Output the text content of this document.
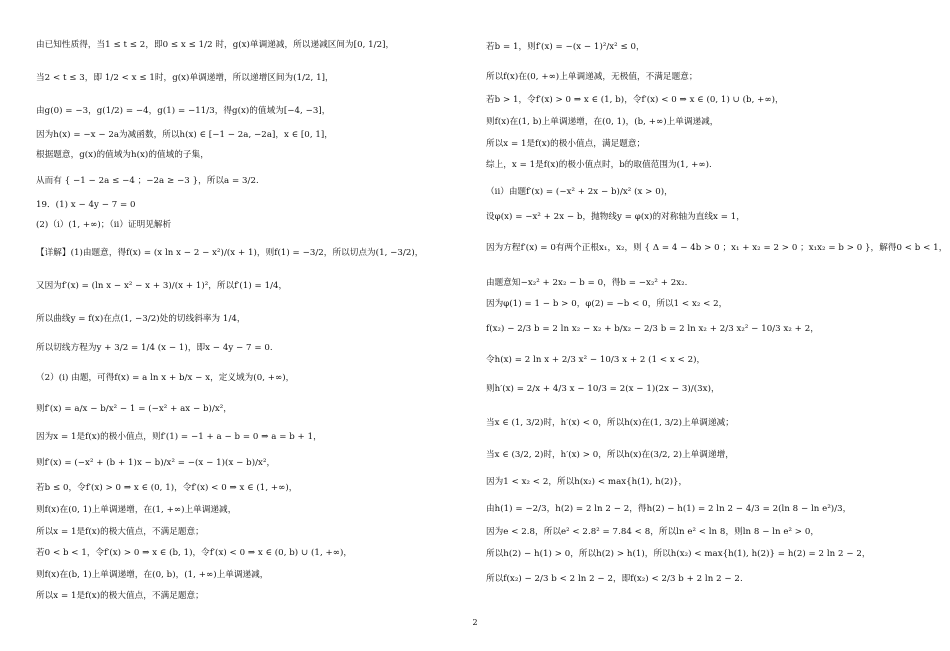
由已知性质得，当1 ≤ t ≤ 2，即0 ≤ x ≤ 1/2 时，g(x)单调递减，所以递减区间为[0, 1/2]，
当2 < t ≤ 3，即 1/2 < x ≤ 1时，g(x)单调递增，所以递增区间为(1/2, 1]，
由g(0) = −3，g(1/2) = −4，g(1) = −11/3，得g(x)的值域为[−4, −3]，
因为h(x) = −x − 2a为减函数，所以h(x) ∈ [−1 − 2a, −2a]，x ∈ [0, 1]，
根据题意，g(x)的值域为h(x)的值域的子集，
从而有 { −1 − 2a ≤ −4 ；−2a ≥ −3 }，所以a = 3/2.
19．(1) x − 4y − 7 = 0
(2)（i）(1, +∞)；（ii）证明见解析
【详解】(1)由题意，得f(x) = (x ln x − 2 − x²)/(x + 1)，则f(1) = −3/2，所以切点为(1, −3/2)，
又因为f′(x) = (ln x − x² − x + 3)/(x + 1)²，所以f′(1) = 1/4，
所以曲线y = f(x)在点(1, −3/2)处的切线斜率为 1/4，
所以切线方程为y + 3/2 = 1/4 (x − 1)，即x − 4y − 7 = 0.
（2）(i) 由题，可得f(x) = a ln x + b/x − x，定义域为(0, +∞)，
则f′(x) = a/x − b/x² − 1 = (−x² + ax − b)/x²，
因为x = 1是f(x)的极小值点，则f′(1) = −1 + a − b = 0 ⇒ a = b + 1，
则f′(x) = (−x² + (b + 1)x − b)/x² = −(x − 1)(x − b)/x²，
若b ≤ 0，令f′(x) > 0 ⇒ x ∈ (0, 1)，令f′(x) < 0 ⇒ x ∈ (1, +∞)，
则f(x)在(0, 1)上单调递增，在(1, +∞)上单调递减，
所以x = 1是f(x)的极大值点，不满足题意；
若0 < b < 1，令f′(x) > 0 ⇒ x ∈ (b, 1)，令f′(x) < 0 ⇒ x ∈ (0, b) ∪ (1, +∞)，
则f(x)在(b, 1)上单调递增，在(0, b)，(1, +∞)上单调递减，
所以x = 1是f(x)的极大值点，不满足题意；
若b = 1，则f′(x) = −(x − 1)²/x² ≤ 0，
所以f(x)在(0, +∞)上单调递减，无极值，不满足题意；
若b > 1，令f′(x) > 0 ⇒ x ∈ (1, b)，令f′(x) < 0 ⇒ x ∈ (0, 1) ∪ (b, +∞)，
则f(x)在(1, b)上单调递增，在(0, 1)，(b, +∞)上单调递减，
所以x = 1是f(x)的极小值点，满足题意；
综上，x = 1是f(x)的极小值点时，b的取值范围为(1, +∞).
（ii）由题f′(x) = (−x² + 2x − b)/x² (x > 0)，
设φ(x) = −x² + 2x − b，抛物线y = φ(x)的对称轴为直线x = 1，
因为方程f′(x) = 0有两个正根x₁，x₂，则 { Δ = 4 − 4b > 0 ；x₁ + x₂ = 2 > 0 ；x₁x₂ = b > 0 }，解得0 < b < 1，
由题意知−x₂² + 2x₂ − b = 0，得b = −x₂² + 2x₂.
因为φ(1) = 1 − b > 0，φ(2) = −b < 0，所以1 < x₂ < 2，
f(x₂) − 2/3 b = 2 ln x₂ − x₂ + b/x₂ − 2/3 b = 2 ln x₂ + 2/3 x₂² − 10/3 x₂ + 2，
令h(x) = 2 ln x + 2/3 x² − 10/3 x + 2 (1 < x < 2)，
则h′(x) = 2/x + 4/3 x − 10/3 = 2(x − 1)(2x − 3)/(3x)，
当x ∈ (1, 3/2)时，h′(x) < 0，所以h(x)在(1, 3/2)上单调递减；
当x ∈ (3/2, 2)时，h′(x) > 0，所以h(x)在(3/2, 2)上单调递增，
因为1 < x₂ < 2，所以h(x₂) < max{h(1), h(2)}，
由h(1) = −2/3，h(2) = 2 ln 2 − 2，得h(2) − h(1) = 2 ln 2 − 4/3 = 2(ln 8 − ln e²)/3，
因为e < 2.8，所以e² < 2.8² = 7.84 < 8，所以ln e² < ln 8，则ln 8 − ln e² > 0，
所以h(2) − h(1) > 0，所以h(2) > h(1)，所以h(x₂) < max{h(1), h(2)} = h(2) = 2 ln 2 − 2，
所以f(x₂) − 2/3 b < 2 ln 2 − 2，即f(x₂) < 2/3 b + 2 ln 2 − 2.
2
